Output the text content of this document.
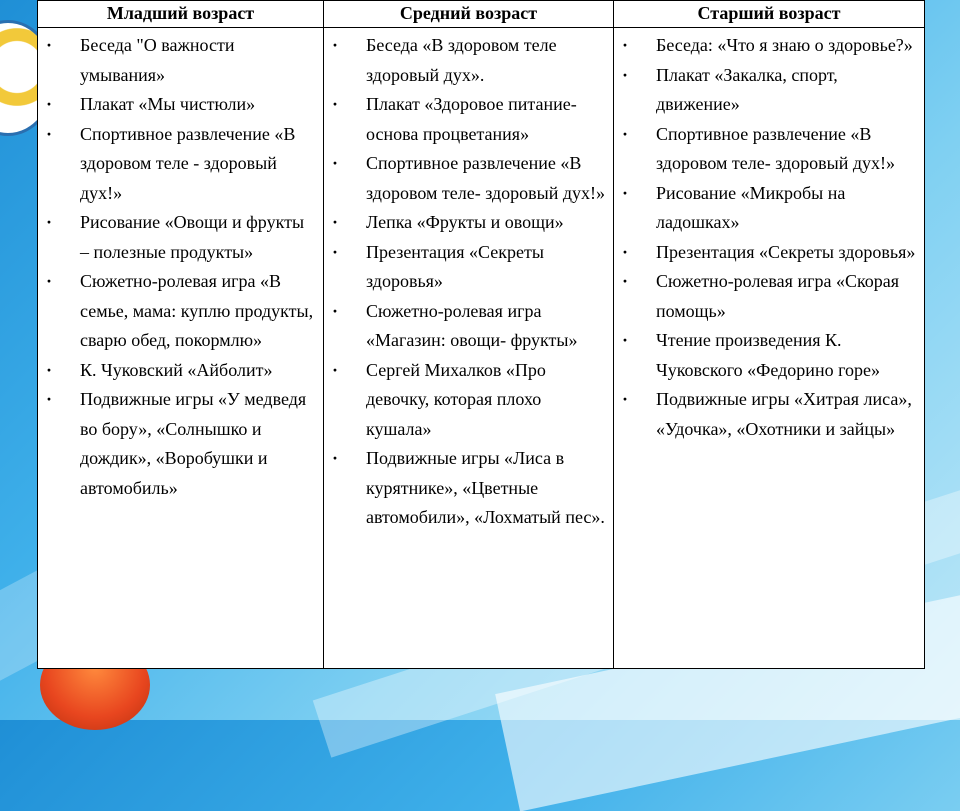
Младший возраст	Средний возраст	Старший возраст
· Беседа "О важности умывания»
· Плакат «Мы чистюли»
· Спортивное развлечение «В здоровом теле - здоровый дух!»
· Рисование «Овощи и фрукты – полезные продукты»
· Сюжетно-ролевая игра «В семье, мама: куплю продукты, сварю обед, покормлю»
· К. Чуковский «Айболит»
· Подвижные игры «У медведя во бору», «Солнышко и дождик», «Воробушки и автомобиль»
· Беседа «В здоровом теле здоровый дух».
· Плакат «Здоровое питание-основа процветания»
· Спортивное развлечение «В здоровом теле- здоровый дух!»
· Лепка «Фрукты и овощи»
· Презентация «Секреты здоровья»
· Сюжетно-ролевая игра «Магазин: овощи- фрукты»
· Сергей Михалков «Про девочку, которая плохо кушала»
· Подвижные игры «Лиса в курятнике», «Цветные автомобили», «Лохматый пес».
· Беседа: «Что я знаю о здоровье?»
· Плакат «Закалка, спорт, движение»
· Спортивное развлечение «В здоровом теле- здоровый дух!»
· Рисование «Микробы на ладошках»
· Презентация «Секреты здоровья»
· Сюжетно-ролевая игра «Скорая помощь»
· Чтение произведения К. Чуковского «Федорино горе»
· Подвижные игры «Хитрая лиса», «Удочка», «Охотники и зайцы»
